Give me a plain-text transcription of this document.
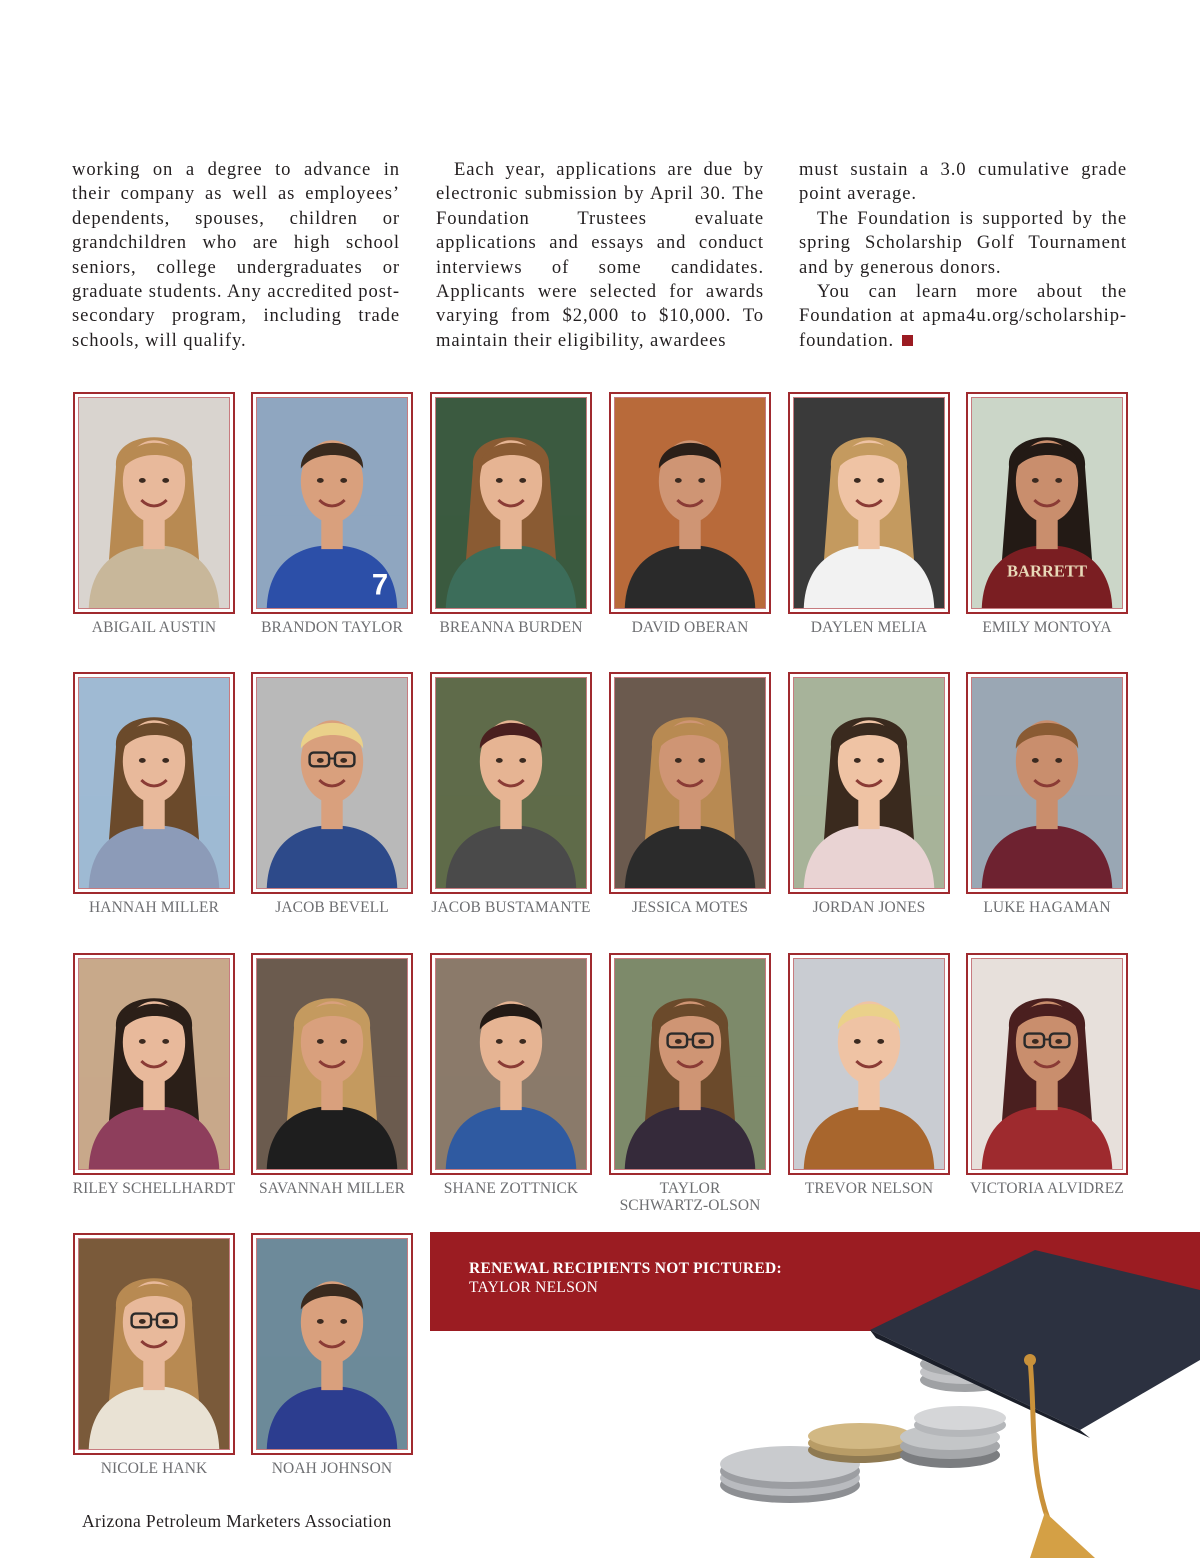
working on a degree to advance in their company as well as employees’ dependents, spouses, children or grandchildren who are high school seniors, college undergraduates or graduate students. Any accredited post-secondary program, including trade schools, will qualify.

Each year, applications are due by electronic submission by April 30. The Foundation Trustees evaluate applications and essays and conduct interviews of some candidates. Applicants were selected for awards varying from $2,000 to $10,000. To maintain their eligibility, awardees

must sustain a 3.0 cumulative grade point average.

The Foundation is supported by the spring Scholarship Golf Tournament and by generous donors.

You can learn more about the Foundation at apma4u.org/scholarship-foundation.

ABIGAIL AUSTIN
7
BRANDON TAYLOR	BREANNA BURDEN	DAVID OBERAN	DAYLEN MELIA
BARRETT
EMILY MONTOYA
HANNAH MILLER	JACOB BEVELL	JACOB BUSTAMANTE	JESSICA MOTES	JORDAN JONES	LUKE HAGAMAN
RILEY SCHELLHARDT	SAVANNAH MILLER	SHANE ZOTTNICK	TAYLOR SCHWARTZ-OLSON
TREVOR NELSON	VICTORIA ALVIDREZ
NICOLE HANK	NOAH JOHNSON
RENEWAL RECIPIENTS NOT PICTURED:
TAYLOR NELSON
Arizona Petroleum Marketers Association
